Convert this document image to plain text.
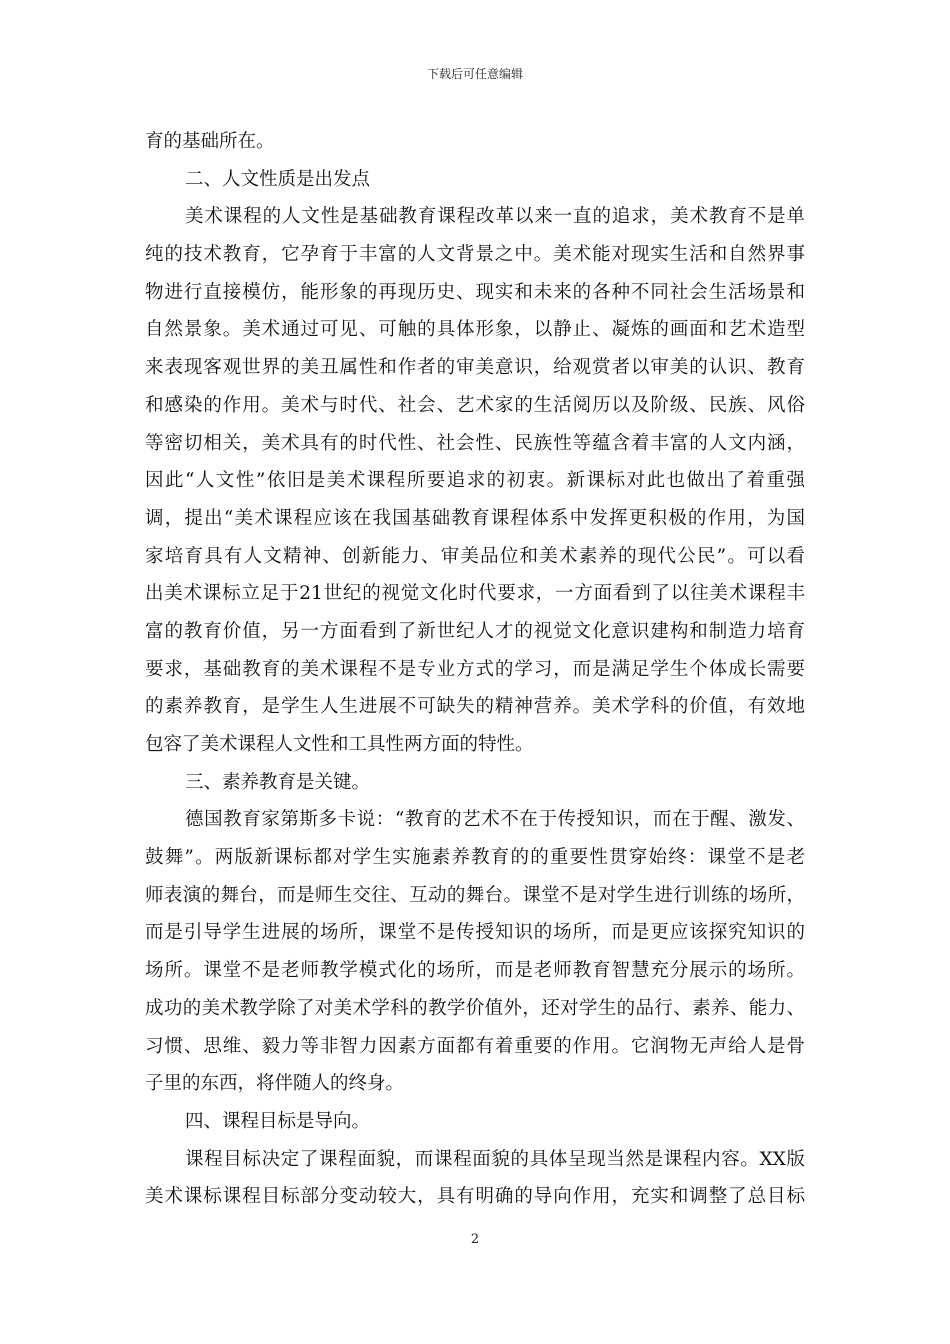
下载后可任意编辑
育的基础所在。
二、人文性质是出发点
美术课程的人文性是基础教育课程改革以来一直的追求，美术教育不是单
纯的技术教育，它孕育于丰富的人文背景之中。美术能对现实生活和自然界事
物进行直接模仿，能形象的再现历史、现实和未来的各种不同社会生活场景和
自然景象。美术通过可见、可触的具体形象，以静止、凝炼的画面和艺术造型
来表现客观世界的美丑属性和作者的审美意识，给观赏者以审美的认识、教育
和感染的作用。美术与时代、社会、艺术家的生活阅历以及阶级、民族、风俗
等密切相关，美术具有的时代性、社会性、民族性等蕴含着丰富的人文内涵，
因此“人文性”依旧是美术课程所要追求的初衷。新课标对此也做出了着重强
调，提出“美术课程应该在我国基础教育课程体系中发挥更积极的作用，为国
家培育具有人文精神、创新能力、审美品位和美术素养的现代公民”。可以看
出美术课标立足于21世纪的视觉文化时代要求，一方面看到了以往美术课程丰
富的教育价值，另一方面看到了新世纪人才的视觉文化意识建构和制造力培育
要求，基础教育的美术课程不是专业方式的学习，而是满足学生个体成长需要
的素养教育，是学生人生进展不可缺失的精神营养。美术学科的价值，有效地
包容了美术课程人文性和工具性两方面的特性。
三、素养教育是关键。
德国教育家第斯多卡说：“教育的艺术不在于传授知识，而在于醒、激发、
鼓舞”。两版新课标都对学生实施素养教育的的重要性贯穿始终：课堂不是老
师表演的舞台，而是师生交往、互动的舞台。课堂不是对学生进行训练的场所，
而是引导学生进展的场所，课堂不是传授知识的场所，而是更应该探究知识的
场所。课堂不是老师教学模式化的场所，而是老师教育智慧充分展示的场所。
成功的美术教学除了对美术学科的教学价值外，还对学生的品行、素养、能力、
习惯、思维、毅力等非智力因素方面都有着重要的作用。它润物无声给人是骨
子里的东西，将伴随人的终身。
四、课程目标是导向。
课程目标决定了课程面貌，而课程面貌的具体呈现当然是课程内容。XX版
美术课标课程目标部分变动较大，具有明确的导向作用，充实和调整了总目标
2
